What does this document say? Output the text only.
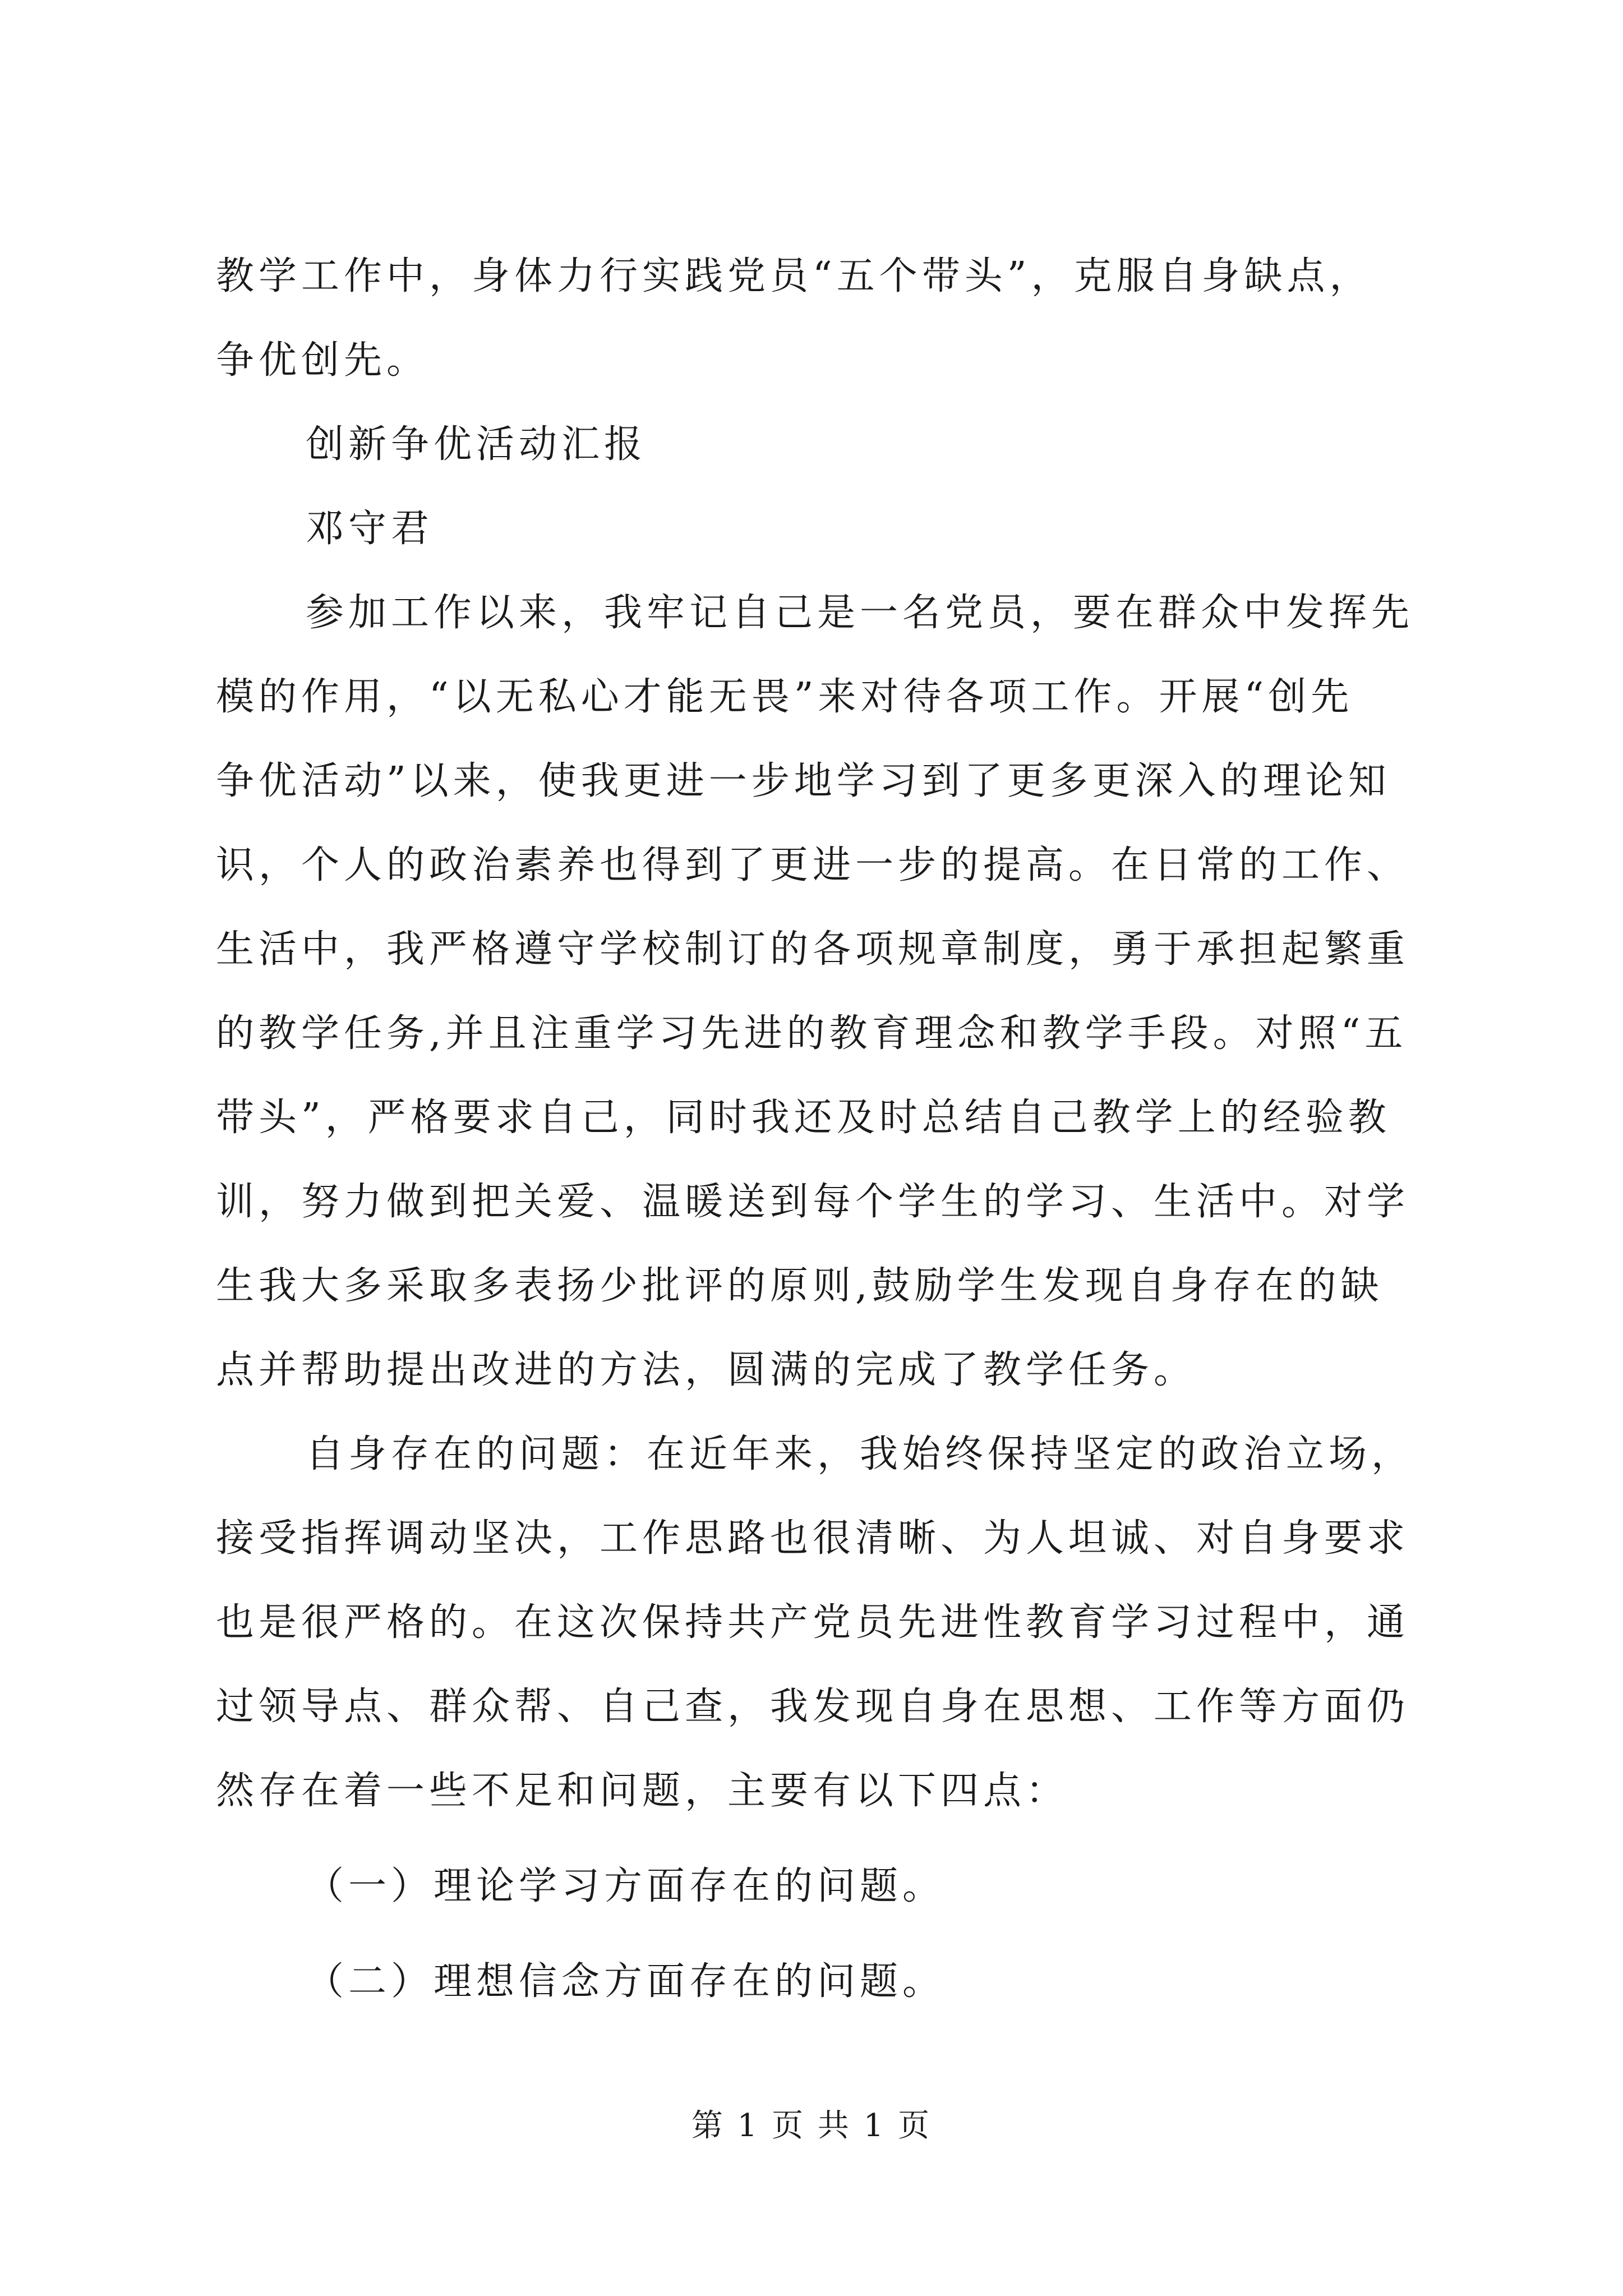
教学工作中，身体力行实践党员“五个带头”，克服自身缺点，
争优创先。
创新争优活动汇报
邓守君
参加工作以来，我牢记自己是一名党员，要在群众中发挥先
模的作用，“以无私心才能无畏”来对待各项工作。开展“创先
争优活动”以来，使我更进一步地学习到了更多更深入的理论知
识，个人的政治素养也得到了更进一步的提高。在日常的工作、
生活中，我严格遵守学校制订的各项规章制度，勇于承担起繁重
的教学任务,并且注重学习先进的教育理念和教学手段。对照“五
带头”，严格要求自己，同时我还及时总结自己教学上的经验教
训，努力做到把关爱、温暖送到每个学生的学习、生活中。对学
生我大多采取多表扬少批评的原则,鼓励学生发现自身存在的缺
点并帮助提出改进的方法，圆满的完成了教学任务。
自身存在的问题：在近年来，我始终保持坚定的政治立场，
接受指挥调动坚决，工作思路也很清晰、为人坦诚、对自身要求
也是很严格的。在这次保持共产党员先进性教育学习过程中，通
过领导点、群众帮、自己查，我发现自身在思想、工作等方面仍
然存在着一些不足和问题，主要有以下四点：
（一）理论学习方面存在的问题。
（二）理想信念方面存在的问题。
第 1 页 共 1 页
